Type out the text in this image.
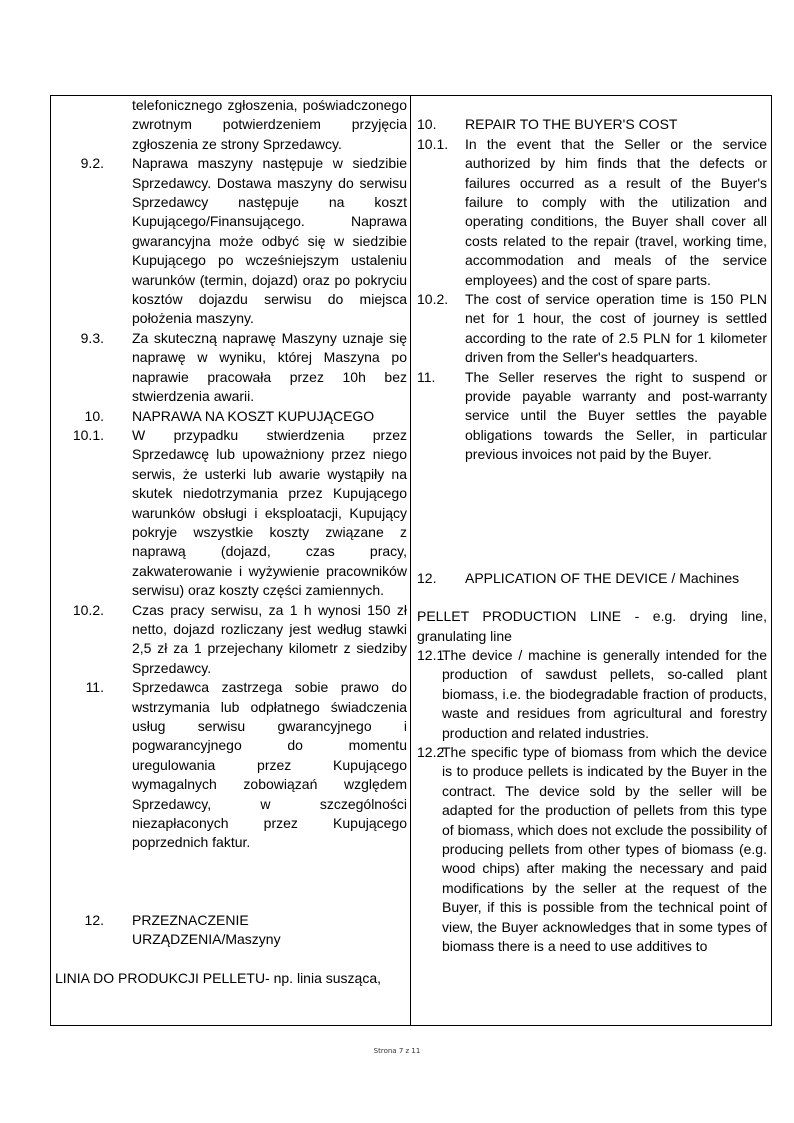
telefonicznego zgłoszenia, poświadczonego zwrotnym potwierdzeniem przyjęcia zgłoszenia ze strony Sprzedawcy.
9.2.	Naprawa maszyny następuje w siedzibie Sprzedawcy. Dostawa maszyny do serwisu Sprzedawcy następuje na koszt Kupującego/Finansującego. Naprawa gwarancyjna może odbyć się w siedzibie Kupującego po wcześniejszym ustaleniu warunków (termin, dojazd) oraz po pokryciu kosztów dojazdu serwisu do miejsca położenia maszyny.
9.3.	Za skuteczną naprawę Maszyny uznaje się naprawę w wyniku, której Maszyna po naprawie pracowała przez 10h bez stwierdzenia awarii.
10.	NAPRAWA NA KOSZT KUPUJĄCEGO
10.1.	W przypadku stwierdzenia przez Sprzedawcę lub upoważniony przez niego serwis, że usterki lub awarie wystąpiły na skutek niedotrzymania przez Kupującego warunków obsługi i eksploatacji, Kupujący pokryje wszystkie koszty związane z naprawą (dojazd, czas pracy, zakwaterowanie i wyżywienie pracowników serwisu) oraz koszty części zamiennych.
10.2.	Czas pracy serwisu, za 1 h wynosi 150 zł netto, dojazd rozliczany jest według stawki 2,5 zł za 1 przejechany kilometr z siedziby Sprzedawcy.
11.	Sprzedawca zastrzega sobie prawo do wstrzymania lub odpłatnego świadczenia usług serwisu gwarancyjnego i pogwarancyjnego do momentu uregulowania przez Kupującego wymagalnych zobowiązań względem Sprzedawcy, w szczególności niezapłaconych przez Kupującego poprzednich faktur.
12.	PRZEZNACZENIE URZĄDZENIA/Maszyny
LINIA DO PRODUKCJI PELLETU- np. linia susząca,
10.	REPAIR TO THE BUYER'S COST
10.1.	In the event that the Seller or the service authorized by him finds that the defects or failures occurred as a result of the Buyer's failure to comply with the utilization and operating conditions, the Buyer shall cover all costs related to the repair (travel, working time, accommodation and meals of the service employees) and the cost of spare parts.
10.2.	The cost of service operation time is 150 PLN net for 1 hour, the cost of journey is settled according to the rate of 2.5 PLN for 1 kilometer driven from the Seller's headquarters.
11.	The Seller reserves the right to suspend or provide payable warranty and post-warranty service until the Buyer settles the payable obligations towards the Seller, in particular previous invoices not paid by the Buyer.
12.	APPLICATION OF THE DEVICE / Machines
PELLET PRODUCTION LINE - e.g. drying line, granulating line
12.1
The device / machine is generally intended for the production of sawdust pellets, so-called plant biomass, i.e. the biodegradable fraction of products, waste and residues from agricultural and forestry production and related industries.
12.2
The specific type of biomass from which the device is to produce pellets is indicated by the Buyer in the contract. The device sold by the seller will be adapted for the production of pellets from this type of biomass, which does not exclude the possibility of producing pellets from other types of biomass (e.g. wood chips) after making the necessary and paid modifications by the seller at the request of the Buyer, if this is possible from the technical point of view, the Buyer acknowledges that in some types of biomass there is a need to use additives to
Strona 7 z 11
